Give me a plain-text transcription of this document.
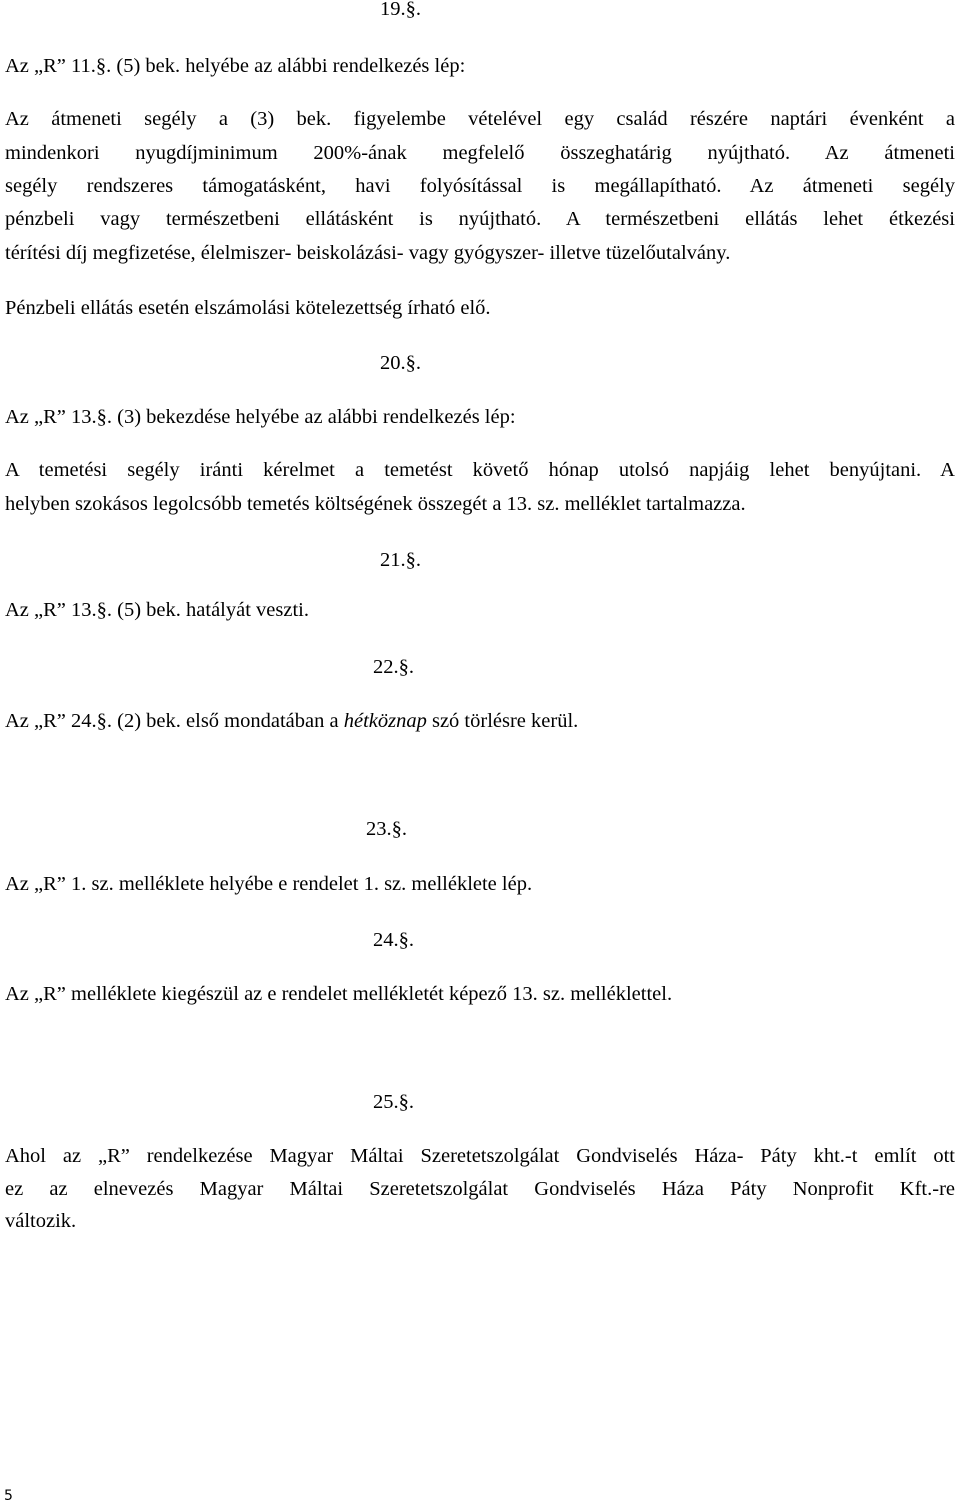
19.§.

Az „R” 11.§. (5) bek. helyébe az alábbi rendelkezés lép:

Az átmeneti segély a (3) bek. figyelembe vételével egy család részére naptári évenként a

mindenkori nyugdíjminimum 200%-ának megfelelő összeghatárig nyújtható. Az átmeneti

segély rendszeres támogatásként, havi folyósítással is megállapítható. Az átmeneti segély

pénzbeli vagy természetbeni ellátásként is nyújtható. A természetbeni ellátás lehet étkezési

térítési díj megfizetése, élelmiszer- beiskolázási- vagy gyógyszer- illetve tüzelőutalvány.

Pénzbeli ellátás esetén elszámolási kötelezettség írható elő.

20.§.

Az „R” 13.§. (3) bekezdése helyébe az alábbi rendelkezés lép:

A temetési segély iránti kérelmet a temetést követő hónap utolsó napjáig lehet benyújtani. A

helyben szokásos legolcsóbb temetés költségének összegét a 13. sz. melléklet tartalmazza.

21.§.

Az „R” 13.§. (5) bek. hatályát veszti.

22.§.

Az „R” 24.§. (2) bek. első mondatában a hétköznap szó törlésre kerül.

23.§.

Az „R” 1. sz. melléklete helyébe e rendelet 1. sz. melléklete lép.

24.§.

Az „R” melléklete kiegészül az e rendelet mellékletét képező 13. sz. melléklettel.

25.§.

Ahol az „R” rendelkezése Magyar Máltai Szeretetszolgálat Gondviselés Háza- Páty kht.-t említ ott

ez az elnevezés Magyar Máltai Szeretetszolgálat Gondviselés Háza Páty Nonprofit Kft.-re

változik.

5
